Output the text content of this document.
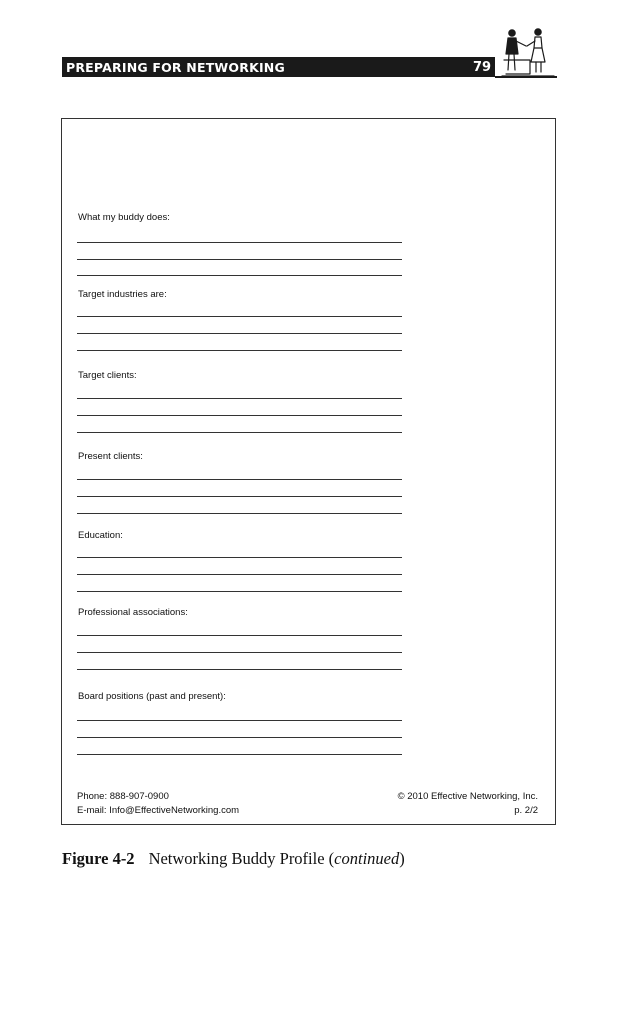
PREPARING FOR NETWORKING	79
What my buddy does:
Target industries are:
Target clients:
Present clients:
Education:
Professional associations:
Board positions (past and present):
Phone: 888-907-0900
E-mail: Info@EffectiveNetworking.com
© 2010 Effective Networking, Inc.
p. 2/2
Figure 4-2 Networking Buddy Profile (continued)
